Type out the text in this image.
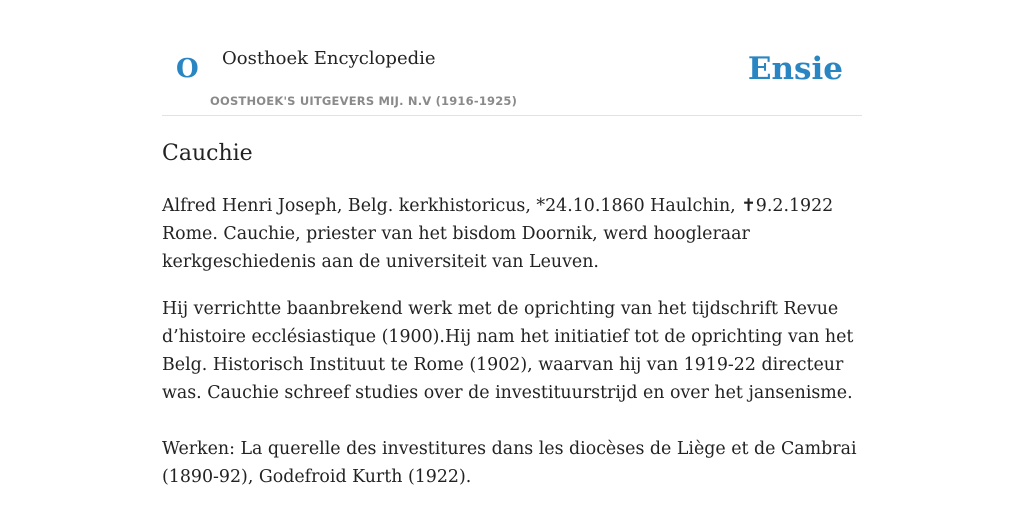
O Oosthoek Encyclopedie
OOSTHOEK'S UITGEVERS MIJ. N.V (1916-1925)
Ensie
Cauchie

Alfred Henri Joseph, Belg. kerkhistoricus, *24.10.1860 Haulchin, ✝9.2.1922 Rome. Cauchie, priester van het bisdom Doornik, werd hoogleraar kerkgeschiedenis aan de universiteit van Leuven.

Hij verrichtte baanbrekend werk met de oprichting van het tijdschrift Revue d’histoire ecclésiastique (1900).Hij nam het initiatief tot de oprichting van het Belg. Historisch Instituut te Rome (1902), waarvan hij van 1919-22 directeur was. Cauchie schreef studies over de investituurstrijd en over het jansenisme.

Werken: La querelle des investitures dans les diocèses de Liège et de Cambrai (1890-92), Godefroid Kurth (1922).
